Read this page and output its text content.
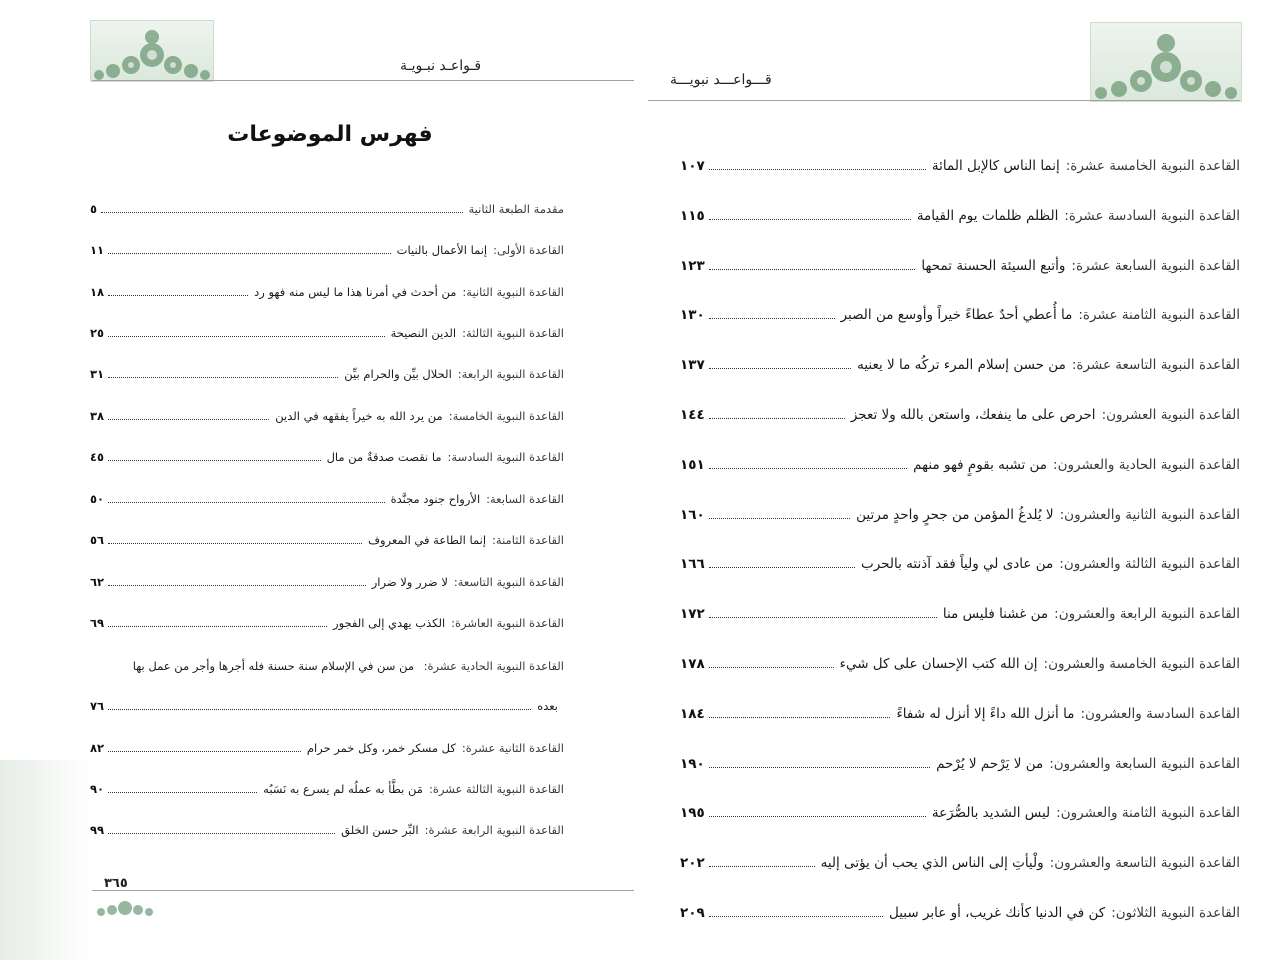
قـواعـد نبـويـة
فهرس الموضوعات
مقدمة الطبعة الثانية
٥
القاعدة الأولى:
إنما الأعمال بالنيات
١١
القاعدة النبوية الثانية:
من أحدث في أمرنا هذا ما ليس منه فهو رد
١٨
القاعدة النبوية الثالثة:
الدين النصيحة
٢٥
القاعدة النبوية الرابعة:
الحلال بيِّن والحرام بيِّن
٣١
القاعدة النبوية الخامسة:
من يرد الله به خيراً يفقهه في الدين
٣٨
القاعدة النبوية السادسة:
ما نقصت صدقةٌ من مال
٤٥
القاعدة السابعة:
الأرواح جنود مجنَّدة
٥٠
القاعدة الثامنة:
إنما الطاعة في المعروف
٥٦
القاعدة النبوية التاسعة:
لا ضرر ولا ضرار
٦٢
القاعدة النبوية العاشرة:
الكذب يهدي إلى الفجور
٦٩
القاعدة النبوية الحادية عشرة: من سن في الإسلام سنة حسنة فله أجرها وأجر من عمل بها
بعده
٧٦
القاعدة الثانية عشرة:
كل مسكر خمر، وكل خمر حرام
٨٢
القاعدة النبوية الثالثة عشرة:
مَن بطَّأ به عملُه لم يسرع به نَسَبُه
٩٠
القاعدة النبوية الرابعة عشرة:
البِّر حسن الخلق
٩٩
٣٦٥
قـــواعـــد نبويـــة
القاعدة النبوية الخامسة عشرة:
إنما الناس كالإبل المائة
١٠٧
القاعدة النبوية السادسة عشرة:
الظلم ظلمات يوم القيامة
١١٥
القاعدة النبوية السابعة عشرة:
وأتبع السيئة الحسنة تمحها
١٢٣
القاعدة النبوية الثامنة عشرة:
ما أُعطي أحدٌ عطاءً خيراً وأوسع من الصبر
١٣٠
القاعدة النبوية التاسعة عشرة:
من حسن إسلام المرء تركُه ما لا يعنيه
١٣٧
القاعدة النبوية العشرون:
احرص على ما ينفعك، واستعن بالله ولا تعجز
١٤٤
القاعدة النبوية الحادية والعشرون:
من تشبه بقومٍ فهو منهم
١٥١
القاعدة النبوية الثانية والعشرون:
لا يُلدغُ المؤمن من جحرٍ واحدٍ مرتين
١٦٠
القاعدة النبوية الثالثة والعشرون:
من عادى لي ولياً فقد آذنته بالحرب
١٦٦
القاعدة النبوية الرابعة والعشرون:
من غشنا فليس منا
١٧٢
القاعدة النبوية الخامسة والعشرون:
إن الله كتب الإحسان على كل شيء
١٧٨
القاعدة السادسة والعشرون:
ما أنزل الله داءً إلا أنزل له شفاءً
١٨٤
القاعدة النبوية السابعة والعشرون:
من لا يَرْحم لا يُرْحم
١٩٠
القاعدة النبوية الثامنة والعشرون:
ليس الشديد بالصُّرَعة
١٩٥
القاعدة النبوية التاسعة والعشرون:
ولْيأتِ إلى الناس الذي يحب أن يؤتى إليه
٢٠٢
القاعدة النبوية الثلاثون:
كن في الدنيا كأنك غريب، أو عابر سبيل
٢٠٩
